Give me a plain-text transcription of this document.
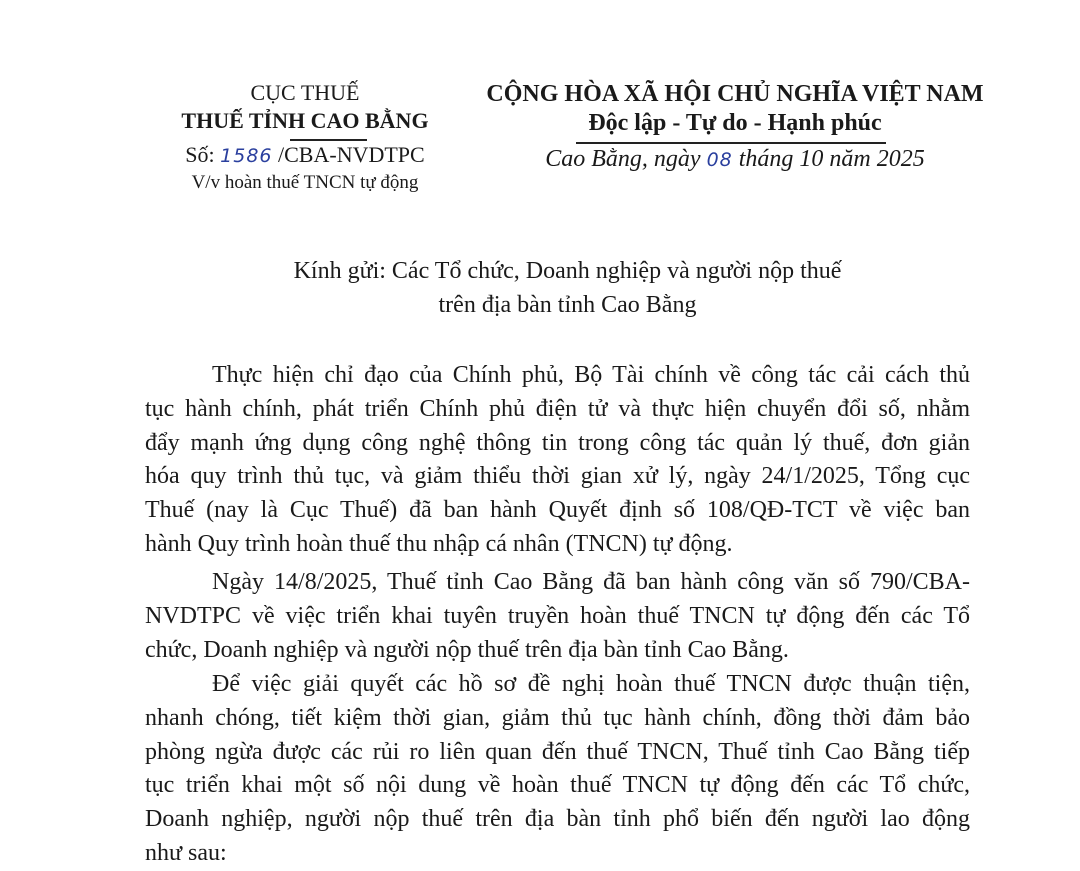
CỤC THUẾ
THUẾ TỈNH CAO BẰNG
Số: 1586 /CBA-NVDTPC
V/v hoàn thuế TNCN tự động
CỘNG HÒA XÃ HỘI CHỦ NGHĨA VIỆT NAM
Độc lập - Tự do - Hạnh phúc
Cao Bằng, ngày 08 tháng 10 năm 2025
Kính gửi: Các Tổ chức, Doanh nghiệp và người nộp thuế
trên địa bàn tỉnh Cao Bằng
Thực hiện chỉ đạo của Chính phủ, Bộ Tài chính về công tác cải cách thủ
tục hành chính, phát triển Chính phủ điện tử và thực hiện chuyển đổi số, nhằm
đẩy mạnh ứng dụng công nghệ thông tin trong công tác quản lý thuế, đơn giản
hóa quy trình thủ tục, và giảm thiểu thời gian xử lý, ngày 24/1/2025, Tổng cục
Thuế (nay là Cục Thuế) đã ban hành Quyết định số 108/QĐ-TCT về việc ban
hành Quy trình hoàn thuế thu nhập cá nhân (TNCN) tự động.
Ngày 14/8/2025, Thuế tỉnh Cao Bằng đã ban hành công văn số 790/CBA-
NVDTPC về việc triển khai tuyên truyền hoàn thuế TNCN tự động đến các Tổ
chức, Doanh nghiệp và người nộp thuế trên địa bàn tỉnh Cao Bằng.
Để việc giải quyết các hồ sơ đề nghị hoàn thuế TNCN được thuận tiện,
nhanh chóng, tiết kiệm thời gian, giảm thủ tục hành chính, đồng thời đảm bảo
phòng ngừa được các rủi ro liên quan đến thuế TNCN, Thuế tỉnh Cao Bằng tiếp
tục triển khai một số nội dung về hoàn thuế TNCN tự động đến các Tổ chức,
Doanh nghiệp, người nộp thuế trên địa bàn tỉnh phổ biến đến người lao động
như sau:
